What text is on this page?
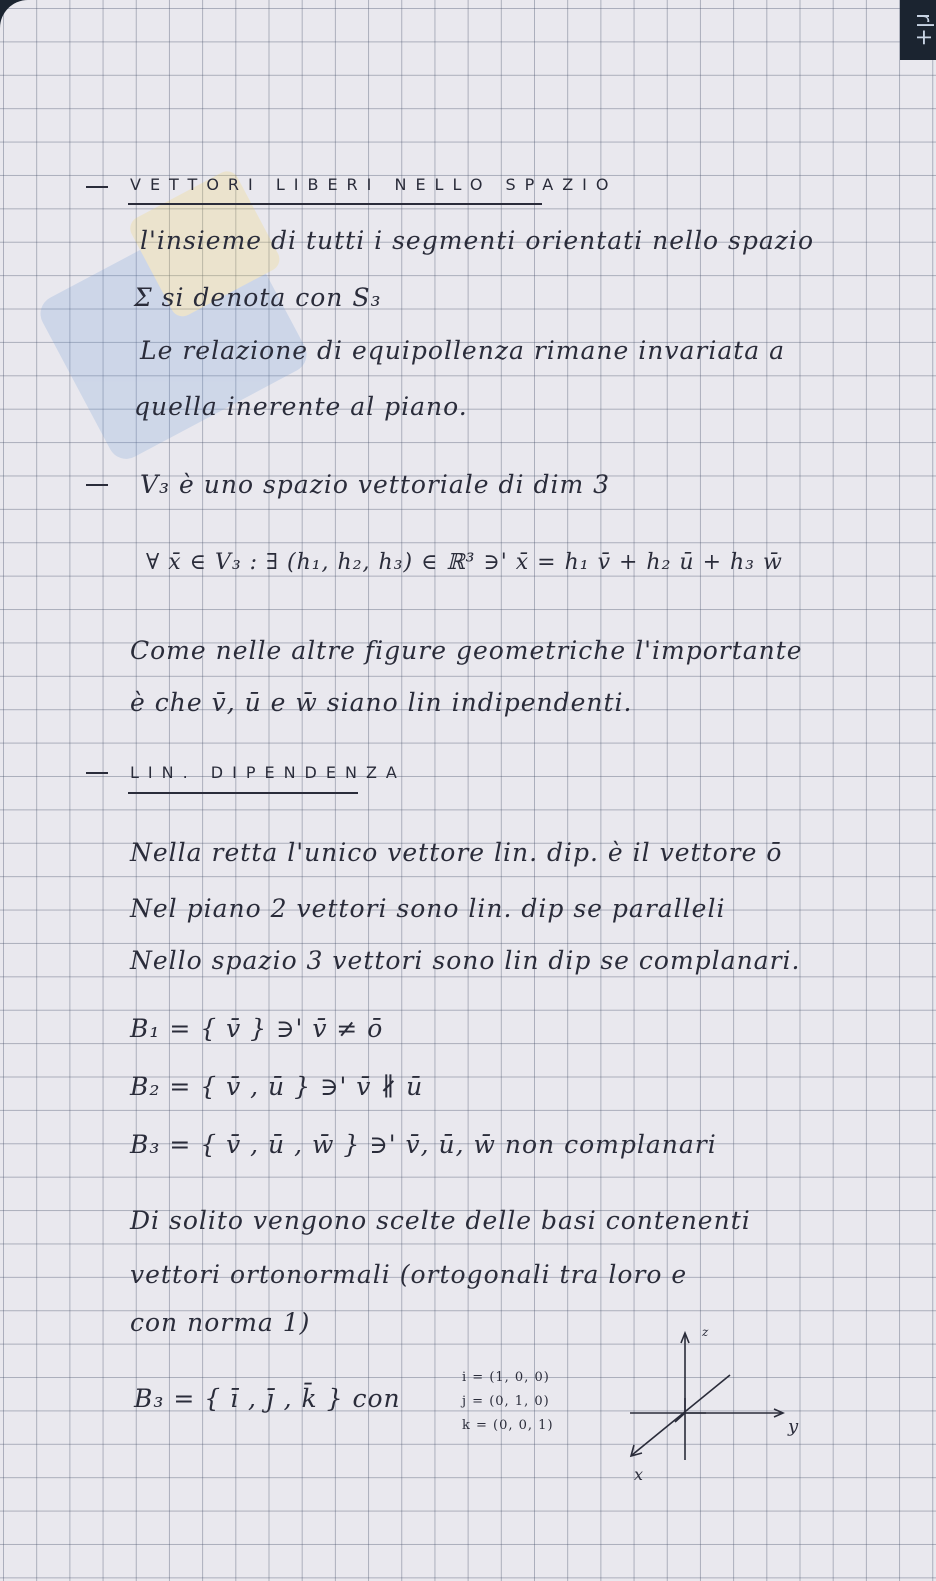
rl+
VETTORI LIBERI NELLO SPAZIO
l'insieme di tutti i segmenti orientati nello spazio
Σ si denota con S₃
Le relazione di equipollenza rimane invariata a
quella inerente al piano.
V₃ è uno spazio vettoriale di dim 3
∀ x̄ ∈ V₃ : ∃ (h₁, h₂, h₃) ∈ ℝ³ ∋' x̄ = h₁ v̄ + h₂ ū + h₃ w̄
Come nelle altre figure geometriche l'importante
è che v̄, ū e w̄ siano lin indipendenti.
LIN. DIPENDENZA
Nella retta l'unico vettore lin. dip. è il vettore ō
Nel piano 2 vettori sono lin. dip se paralleli
Nello spazio 3 vettori sono lin dip se complanari.
B₁ = { v̄ } ∋' v̄ ≠ ō
B₂ = { v̄ , ū } ∋' v̄ ∦ ū
B₃ = { v̄ , ū , w̄ } ∋' v̄, ū, w̄ non complanari
Di solito vengono scelte delle basi contenenti
vettori ortonormali (ortogonali tra loro e
con norma 1)
B₃ = { ī , j̄ , k̄ } con
i = (1, 0, 0)
j = (0, 1, 0)
k = (0, 0, 1)
z
y
x
